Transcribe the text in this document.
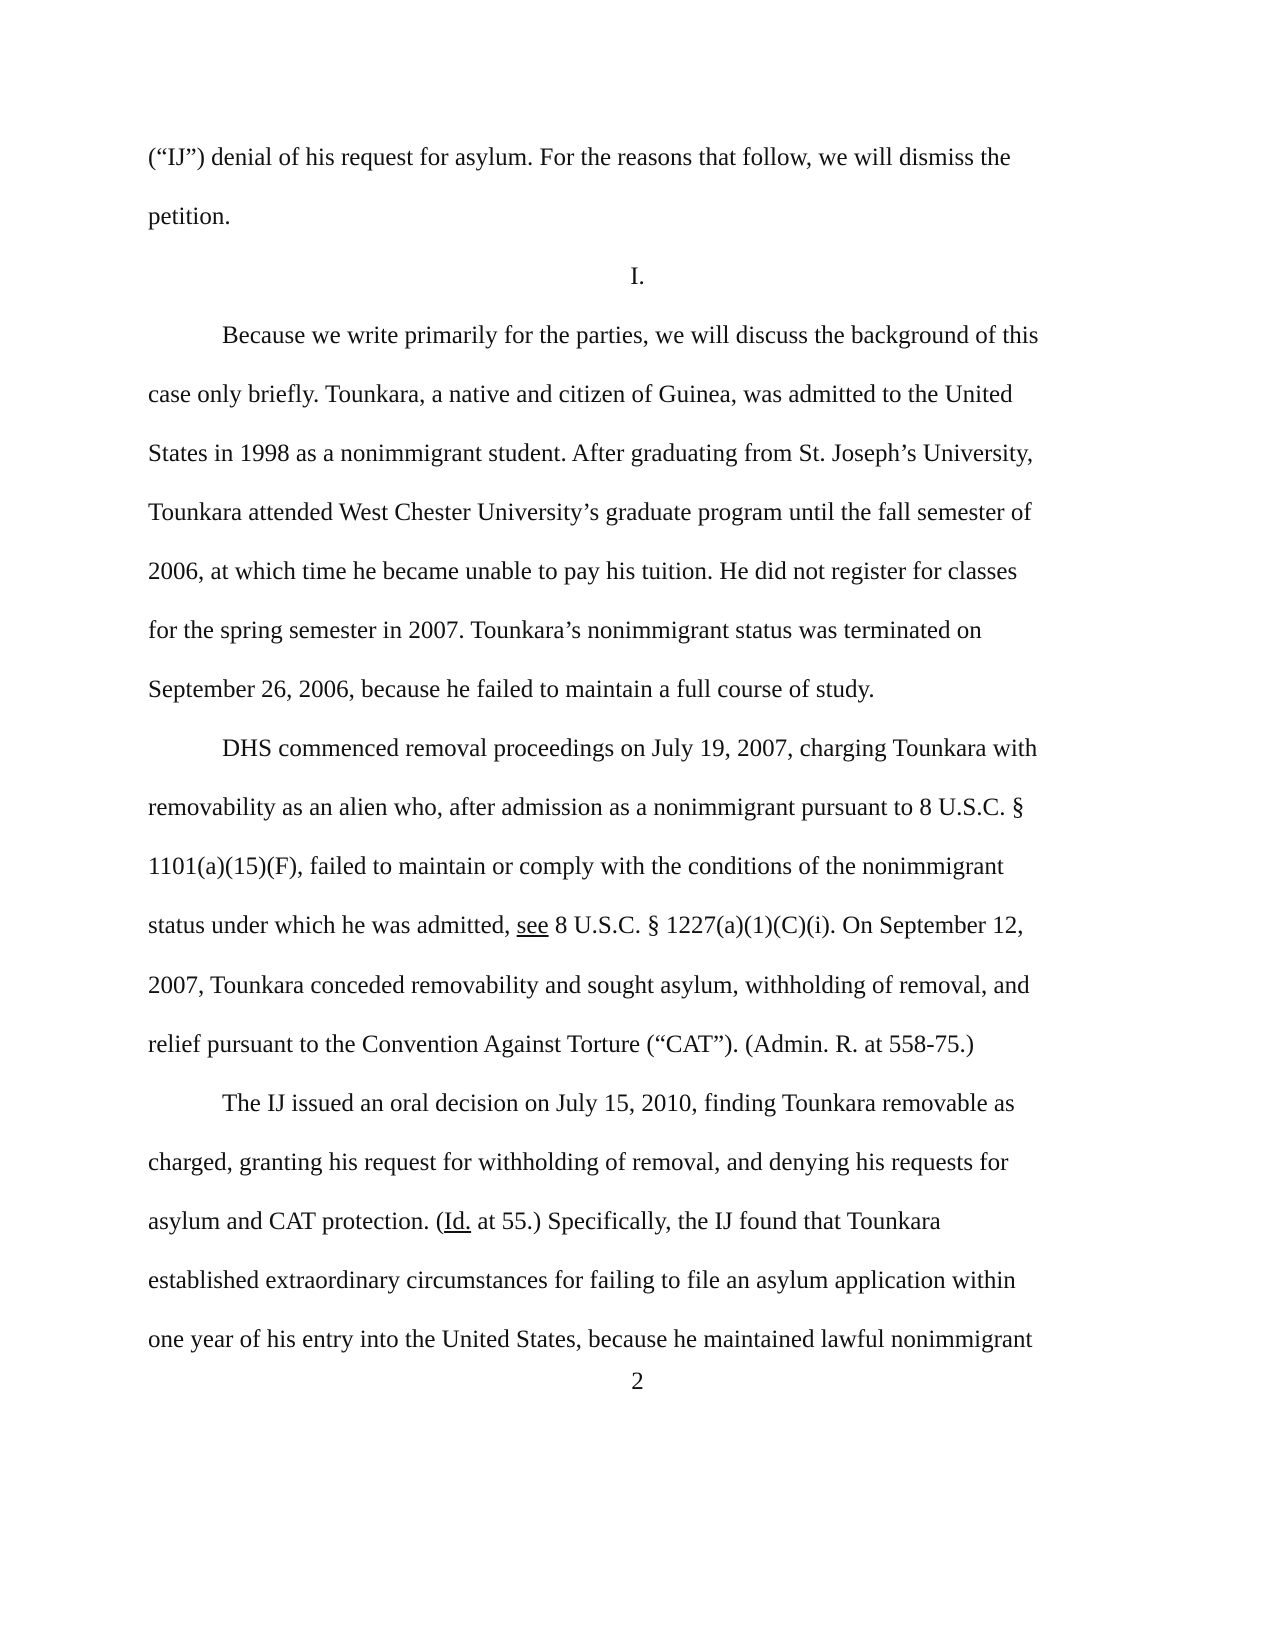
(“IJ”) denial of his request for asylum. For the reasons that follow, we will dismiss the
petition.
I.
Because we write primarily for the parties, we will discuss the background of this
case only briefly. Tounkara, a native and citizen of Guinea, was admitted to the United
States in 1998 as a nonimmigrant student. After graduating from St. Joseph’s University,
Tounkara attended West Chester University’s graduate program until the fall semester of
2006, at which time he became unable to pay his tuition. He did not register for classes
for the spring semester in 2007. Tounkara’s nonimmigrant status was terminated on
September 26, 2006, because he failed to maintain a full course of study.
DHS commenced removal proceedings on July 19, 2007, charging Tounkara with
removability as an alien who, after admission as a nonimmigrant pursuant to 8 U.S.C. §
1101(a)(15)(F), failed to maintain or comply with the conditions of the nonimmigrant
status under which he was admitted, see 8 U.S.C. § 1227(a)(1)(C)(i). On September 12,
2007, Tounkara conceded removability and sought asylum, withholding of removal, and
relief pursuant to the Convention Against Torture (“CAT”). (Admin. R. at 558-75.)
The IJ issued an oral decision on July 15, 2010, finding Tounkara removable as
charged, granting his request for withholding of removal, and denying his requests for
asylum and CAT protection. (Id. at 55.) Specifically, the IJ found that Tounkara
established extraordinary circumstances for failing to file an asylum application within
one year of his entry into the United States, because he maintained lawful nonimmigrant
2
